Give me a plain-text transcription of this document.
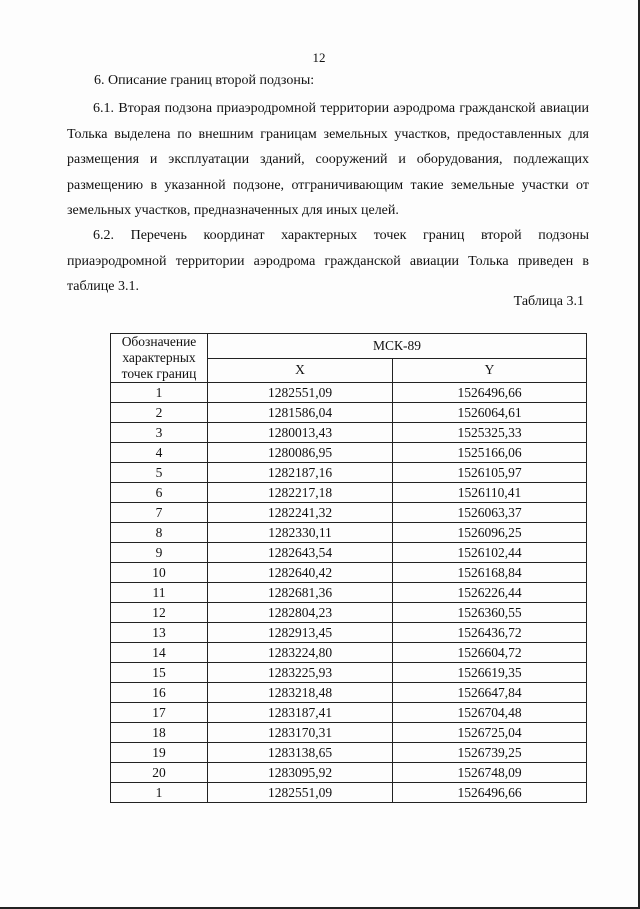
12
6. Описание границ второй подзоны:
6.1. Вторая подзона приаэродромной территории аэродрома гражданской авиации Толька выделена по внешним границам земельных участков, предоставленных для размещения и эксплуатации зданий, сооружений и оборудования, подлежащих размещению в указанной подзоне, отграничивающим такие земельные участки от земельных участков, предназначенных для иных целей.
6.2. Перечень координат характерных точек границ второй подзоны приаэродромной территории аэродрома гражданской авиации Толька приведен в таблице 3.1.
Таблица 3.1
Обозначение характерных точек границ	МСК-89	
	X	Y
1	1282551,09	1526496,66
2	1281586,04	1526064,61
3	1280013,43	1525325,33
4	1280086,95	1525166,06
5	1282187,16	1526105,97
6	1282217,18	1526110,41
7	1282241,32	1526063,37
8	1282330,11	1526096,25
9	1282643,54	1526102,44
10	1282640,42	1526168,84
11	1282681,36	1526226,44
12	1282804,23	1526360,55
13	1282913,45	1526436,72
14	1283224,80	1526604,72
15	1283225,93	1526619,35
16	1283218,48	1526647,84
17	1283187,41	1526704,48
18	1283170,31	1526725,04
19	1283138,65	1526739,25
20	1283095,92	1526748,09
1	1282551,09	1526496,66
